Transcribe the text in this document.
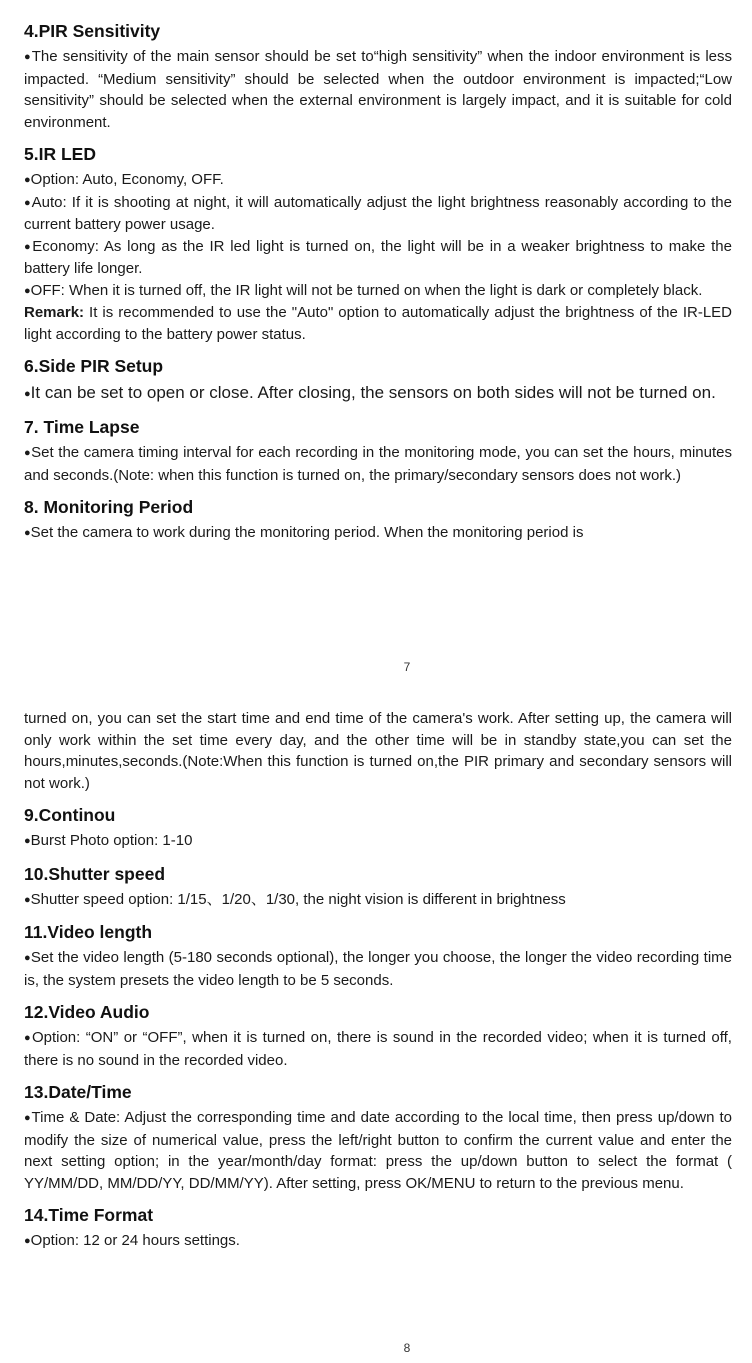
4.PIR Sensitivity

● The sensitivity of the main sensor should be set to“high sensitivity” when the indoor environment is less impacted. “Medium sensitivity” should be selected when the outdoor environment is impacted;“Low sensitivity” should be selected when the external environment is largely impact, and it is suitable for cold environment.

5.IR LED

● Option: Auto, Economy, OFF.

● Auto: If it is shooting at night, it will automatically adjust the light brightness reasonably according to the current battery power usage.

● Economy: As long as the IR led light is turned on, the light will be in a weaker brightness to make the battery life longer.

● OFF: When it is turned off, the IR light will not be turned on when the light is dark or completely black.

Remark: It is recommended to use the "Auto" option to automatically adjust the brightness of the IR-LED light according to the battery power status.

6.Side PIR Setup

● It can be set to open or close. After closing, the sensors on both sides will not be turned on.

7. Time Lapse

● Set the camera timing interval for each recording in the monitoring mode, you can set the hours, minutes and seconds.(Note: when this function is turned on, the primary/secondary sensors does not work.)

8. Monitoring Period

● Set the camera to work during the monitoring period. When the monitoring period is

7

turned on, you can set the start time and end time of the camera's work. After setting up, the camera will only work within the set time every day, and the other time will be in standby state,you can set the hours,minutes,seconds.(Note:When this function is turned on,the PIR primary and secondary sensors will not work.)

9.Continou

● Burst Photo option: 1-10

10.Shutter speed

● Shutter speed option: 1/15、1/20、1/30, the night vision is different in brightness

11.Video length

● Set the video length (5-180 seconds optional), the longer you choose, the longer the video recording time is, the system presets the video length to be 5 seconds.

12.Video Audio

● Option: “ON” or “OFF”, when it is turned on, there is sound in the recorded video; when it is turned off, there is no sound in the recorded video.

13.Date/Time

● Time & Date: Adjust the corresponding time and date according to the local time, then press up/down to modify the size of numerical value, press the left/right button to confirm the current value and enter the next setting option; in the year/month/day format: press the up/down button to select the format ( YY/MM/DD, MM/DD/YY, DD/MM/YY). After setting, press OK/MENU to return to the previous menu.

14.Time Format

● Option: 12 or 24 hours settings.

8
